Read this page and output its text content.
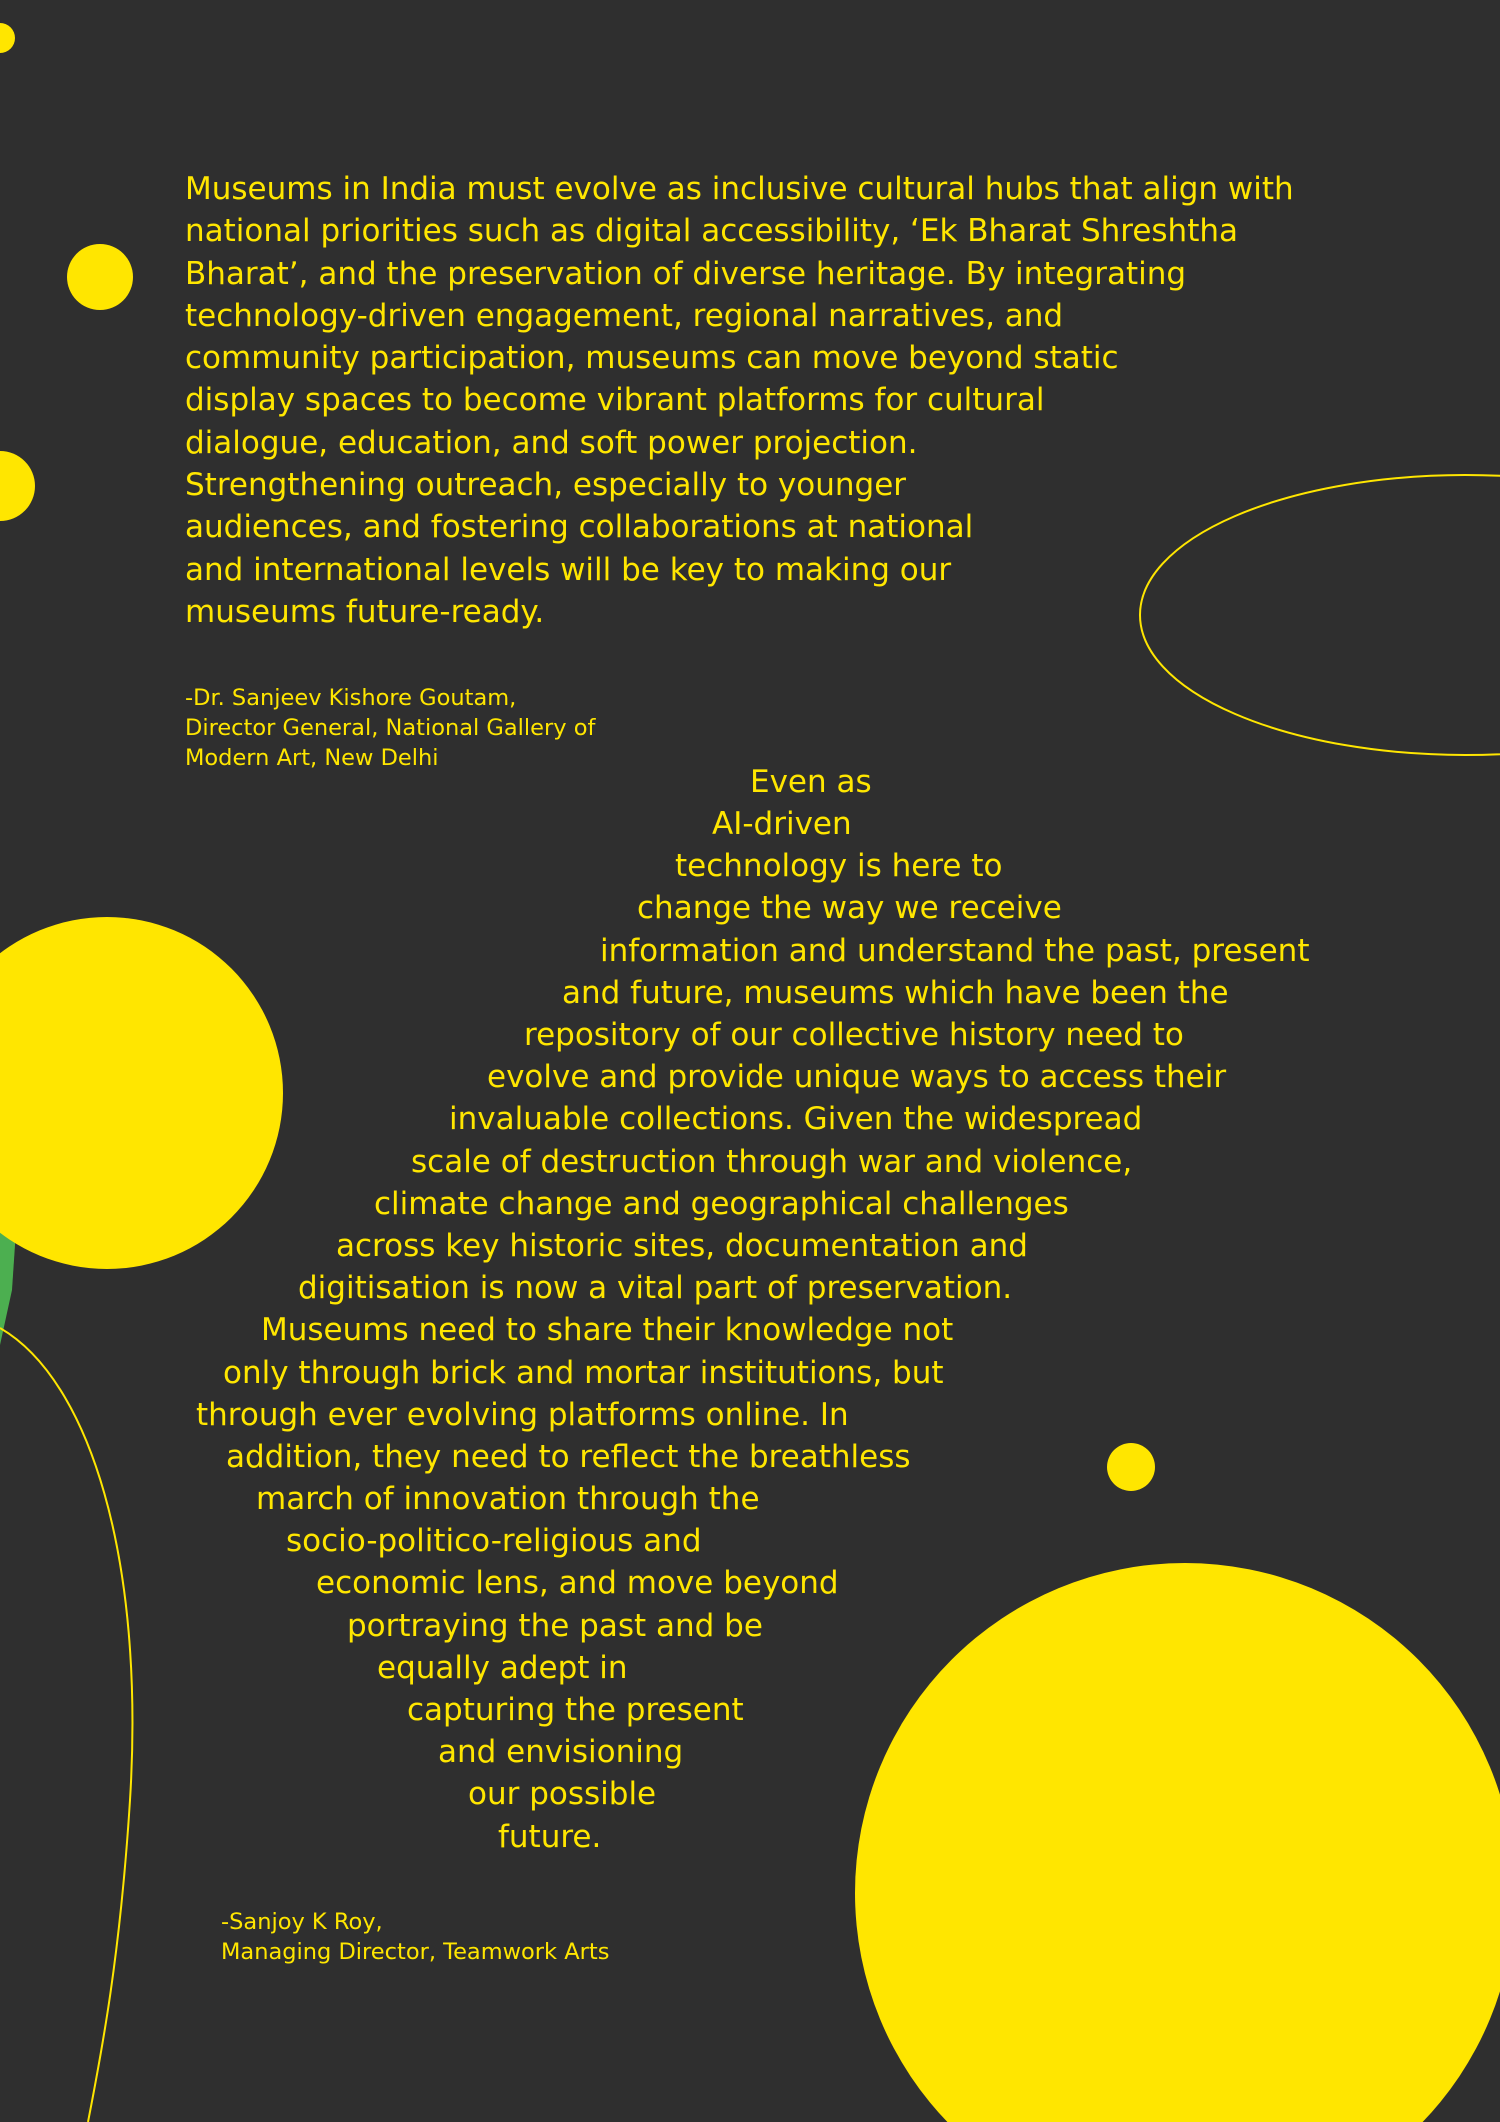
Museums in India must evolve as inclusive cultural hubs that align with
national priorities such as digital accessibility, ‘Ek Bharat Shreshtha
Bharat’, and the preservation of diverse heritage. By integrating
technology-driven engagement, regional narratives, and
community participation, museums can move beyond static
display spaces to become vibrant platforms for cultural
dialogue, education, and soft power projection.
Strengthening outreach, especially to younger
audiences, and fostering collaborations at national
and international levels will be key to making our
museums future-ready.

-Dr. Sanjeev Kishore Goutam,
Director General, National Gallery of
Modern Art, New Delhi

Even as
AI-driven
technology is here to
change the way we receive
information and understand the past, present
and future, museums which have been the
repository of our collective history need to
evolve and provide unique ways to access their
invaluable collections. Given the widespread
scale of destruction through war and violence,
climate change and geographical challenges
across key historic sites, documentation and
digitisation is now a vital part of preservation.
Museums need to share their knowledge not
only through brick and mortar institutions, but
through ever evolving platforms online. In
addition, they need to reflect the breathless
march of innovation through the
socio-politico-religious and
economic lens, and move beyond
portraying the past and be
equally adept in
capturing the present
and envisioning
our possible
future.

-Sanjoy K Roy,
Managing Director, Teamwork Arts
